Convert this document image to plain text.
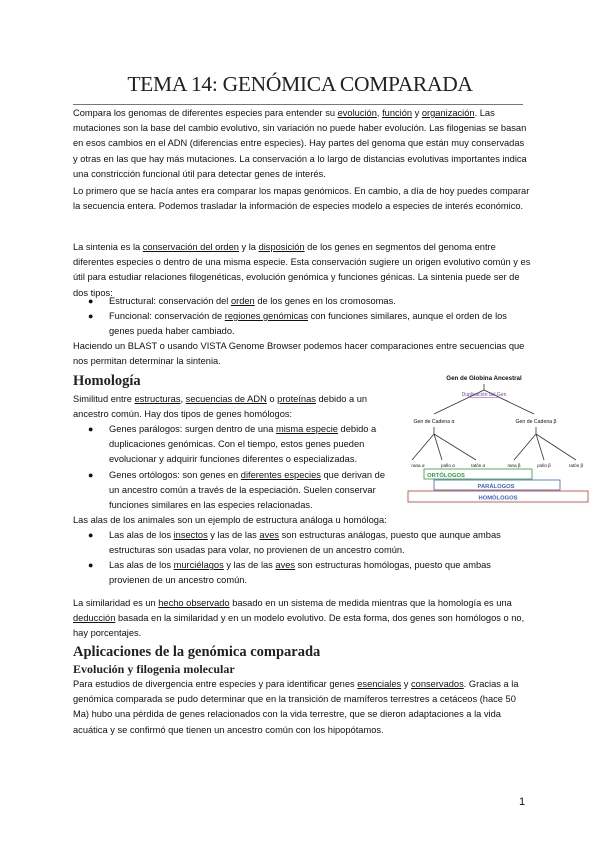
TEMA 14: GENÓMICA COMPARADA

Compara los genomas de diferentes especies para entender su evolución, función y organización. Las mutaciones son la base del cambio evolutivo, sin variación no puede haber evolución. Las filogenias se basan en esos cambios en el ADN (diferencias entre especies). Hay partes del genoma que están muy conservadas y otras en las que hay más mutaciones. La conservación a lo largo de distancias evolutivas importantes indica una constricción funcional útil para detectar genes de interés.

Lo primero que se hacía antes era comparar los mapas genómicos. En cambio, a día de hoy puedes comparar la secuencia entera. Podemos trasladar la información de especies modelo a especies de interés económico.

La sintenia es la conservación del orden y la disposición de los genes en segmentos del genoma entre diferentes especies o dentro de una misma especie. Esta conservación sugiere un origen evolutivo común y es útil para estudiar relaciones filogenéticas, evolución genómica y funciones génicas. La sintenia puede ser de dos tipos:

● Estructural: conservación del orden de los genes en los cromosomas.

● Funcional: conservación de regiones genómicas con funciones similares, aunque el orden de los genes pueda haber cambiado.

Haciendo un BLAST o usando VISTA Genome Browser podemos hacer comparaciones entre secuencias que nos permitan determinar la sintenia.

Homología

Similitud entre estructuras, secuencias de ADN o proteínas debido a un ancestro común. Hay dos tipos de genes homólogos:

● Genes parálogos: surgen dentro de una misma especie debido a duplicaciones genómicas. Con el tiempo, estos genes pueden evolucionar y adquirir funciones diferentes o especializadas.

● Genes ortólogos: son genes en diferentes especies que derivan de un ancestro común a través de la especiación. Suelen conservar funciones similares en las especies relacionadas.

Gen de Globina Ancestral
Duplicación del Gen
Gen de Cadena α	Gen de Cadena β
rana α	pollo α	ratón α	rana β	pollo β	ratón β
ORTÓLOGOS
PARÁLOGOS
HOMÓLOGOS

Las alas de los animales son un ejemplo de estructura análoga u homóloga:

● Las alas de los insectos y las de las aves son estructuras análogas, puesto que aunque ambas estructuras son usadas para volar, no provienen de un ancestro común.

● Las alas de los murciélagos y las de las aves son estructuras homólogas, puesto que ambas provienen de un ancestro común.

La similaridad es un hecho observado basado en un sistema de medida mientras que la homología es una deducción basada en la similaridad y en un modelo evolutivo. De esta forma, dos genes son homólogos o no, hay porcentajes.

Aplicaciones de la genómica comparada
Evolución y filogenia molecular

Para estudios de divergencia entre especies y para identificar genes esenciales y conservados. Gracias a la genómica comparada se pudo determinar que en la transición de mamíferos terrestres a cetáceos (hace 50 Ma) hubo una pérdida de genes relacionados con la vida terrestre, que se dieron adaptaciones a la vida acuática y se confirmó que tienen un ancestro común con los hipopótamos.

1
